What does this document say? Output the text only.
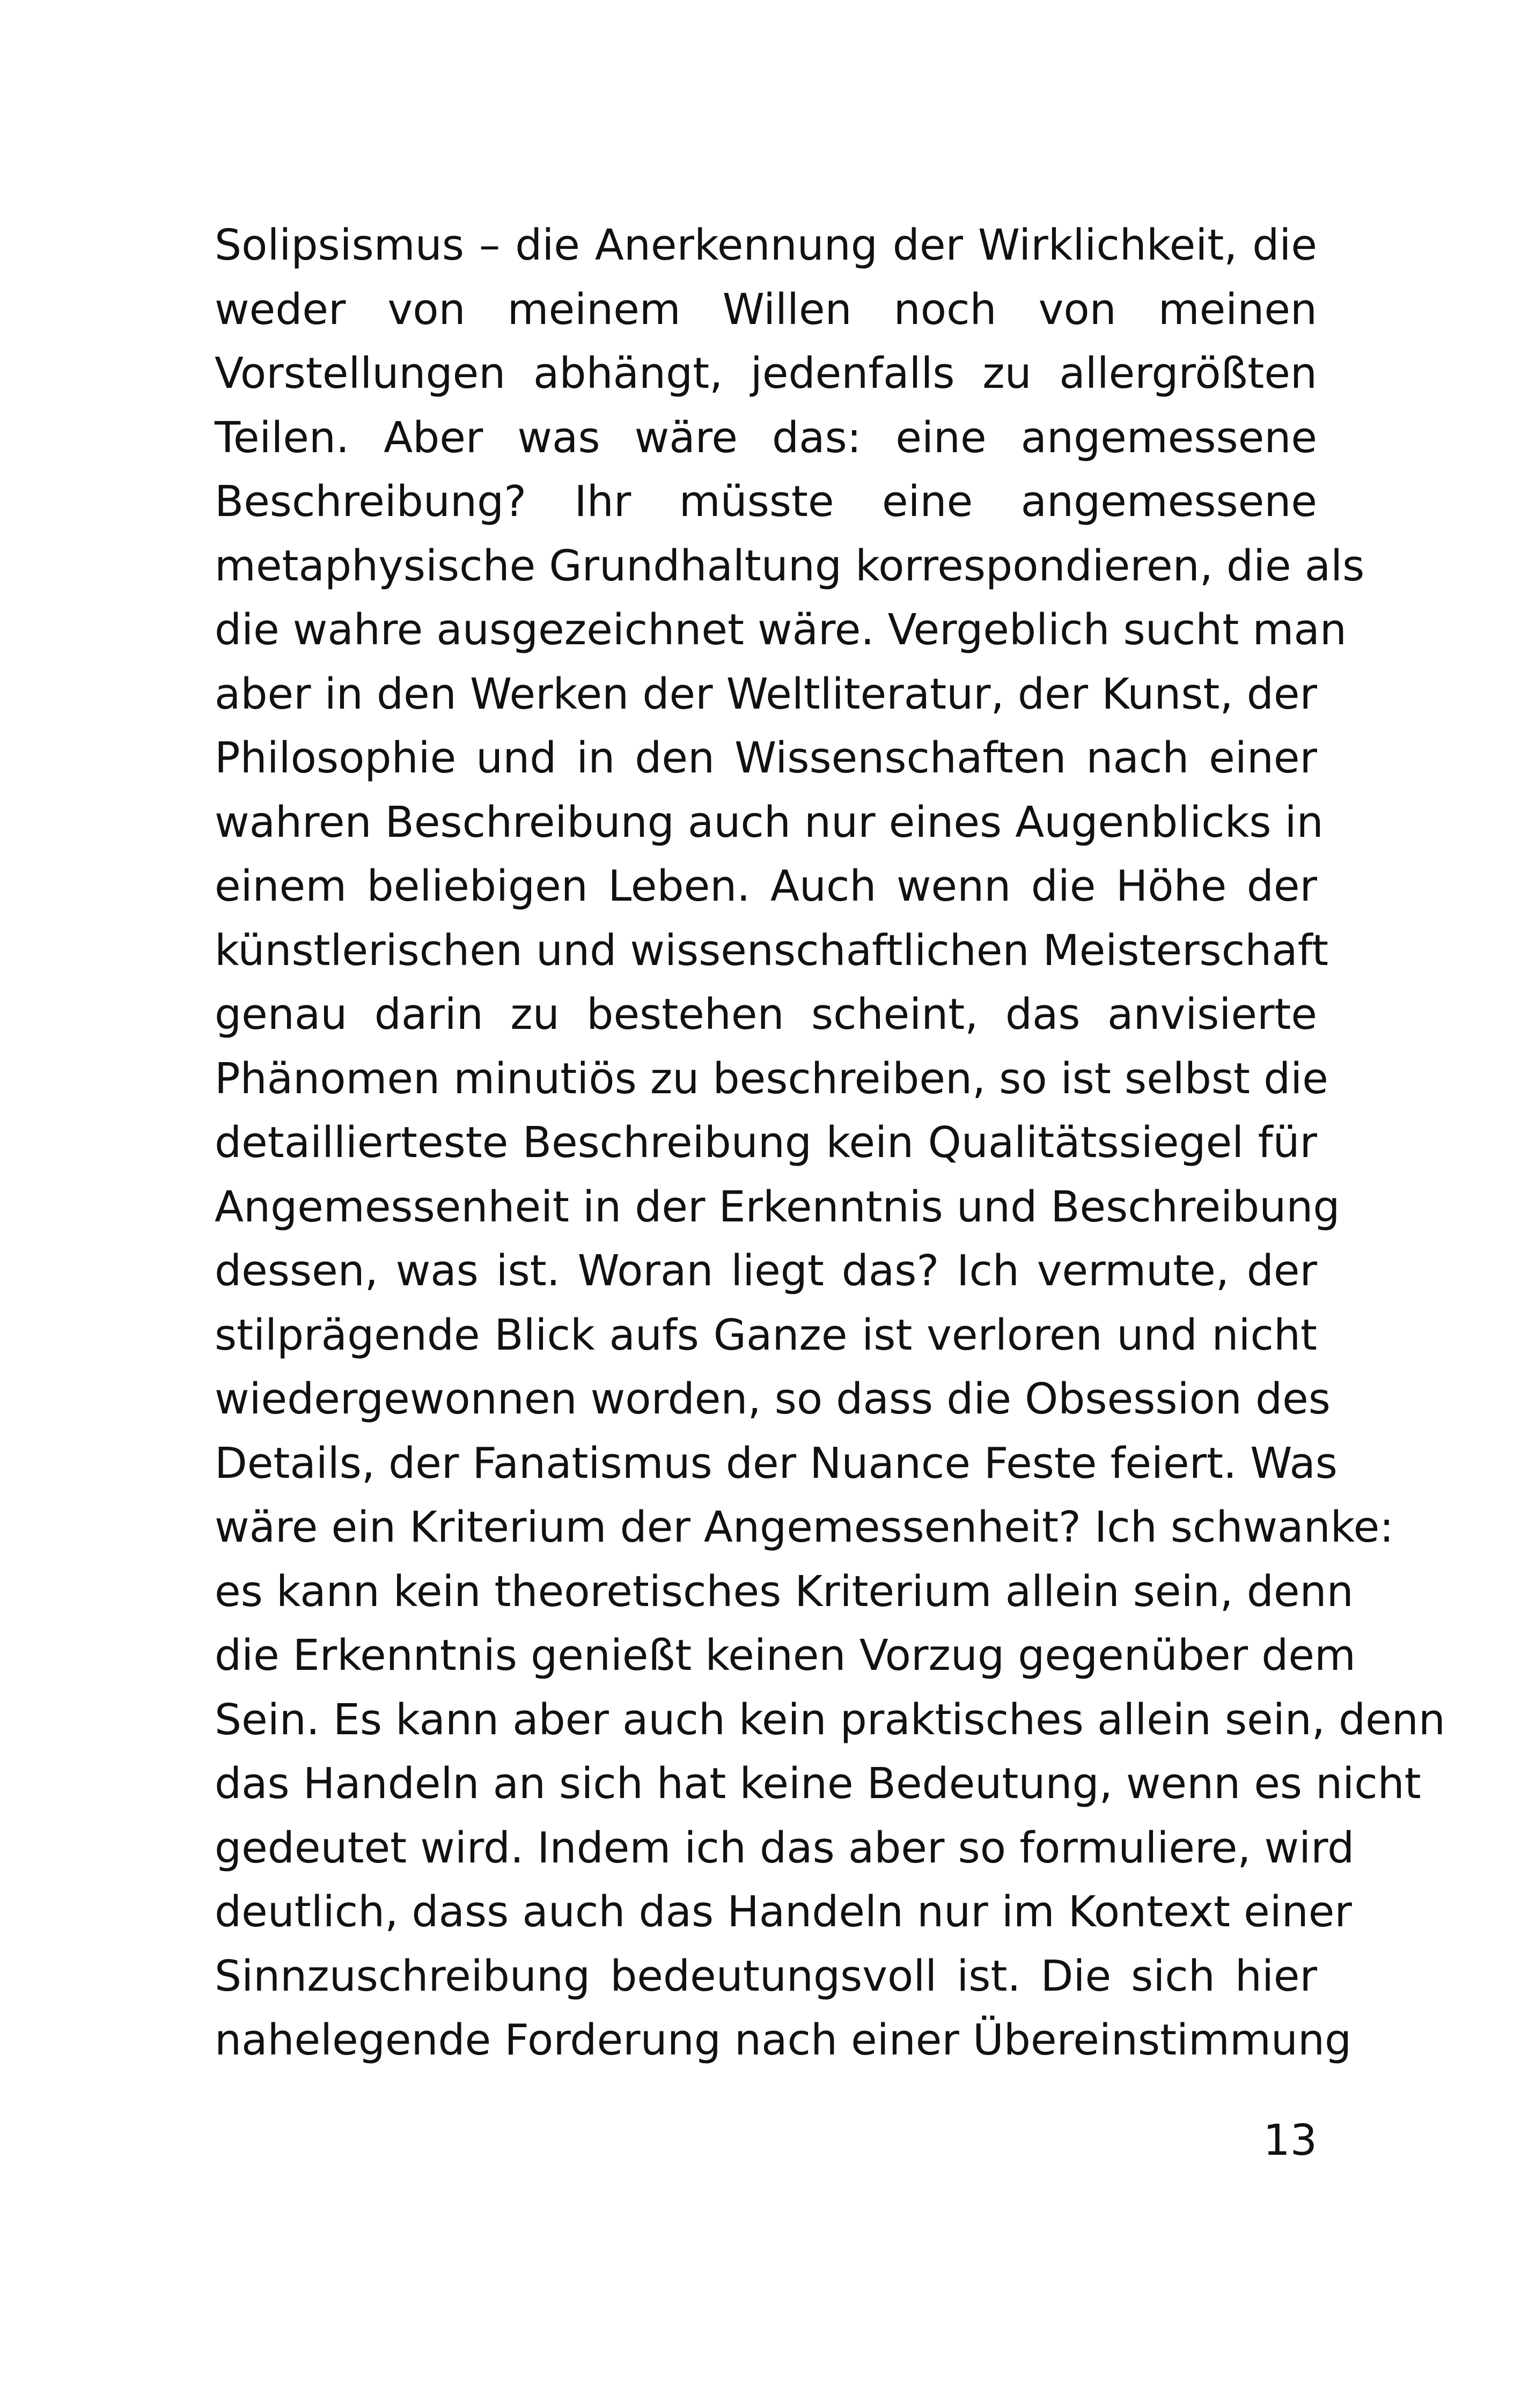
Solipsismus – die Anerkennung der Wirklichkeit, die
weder von meinem Willen noch von meinen
Vorstellungen abhängt, jedenfalls zu allergrößten
Teilen. Aber was wäre das: eine angemessene
Beschreibung? Ihr müsste eine angemessene
metaphysische Grundhaltung korrespondieren, die als
die wahre ausgezeichnet wäre. Vergeblich sucht man
aber in den Werken der Weltliteratur, der Kunst, der
Philosophie und in den Wissenschaften nach einer
wahren Beschreibung auch nur eines Augenblicks in
einem beliebigen Leben. Auch wenn die Höhe der
künstlerischen und wissenschaftlichen Meisterschaft
genau darin zu bestehen scheint, das anvisierte
Phänomen minutiös zu beschreiben, so ist selbst die
detaillierteste Beschreibung kein Qualitätssiegel für
Angemessenheit in der Erkenntnis und Beschreibung
dessen, was ist. Woran liegt das? Ich vermute, der
stilprägende Blick aufs Ganze ist verloren und nicht
wiedergewonnen worden, so dass die Obsession des
Details, der Fanatismus der Nuance Feste feiert. Was
wäre ein Kriterium der Angemessenheit? Ich schwanke:
es kann kein theoretisches Kriterium allein sein, denn
die Erkenntnis genießt keinen Vorzug gegenüber dem
Sein. Es kann aber auch kein praktisches allein sein, denn
das Handeln an sich hat keine Bedeutung, wenn es nicht
gedeutet wird. Indem ich das aber so formuliere, wird
deutlich, dass auch das Handeln nur im Kontext einer
Sinnzuschreibung bedeutungsvoll ist. Die sich hier
nahelegende Forderung nach einer Übereinstimmung
13
